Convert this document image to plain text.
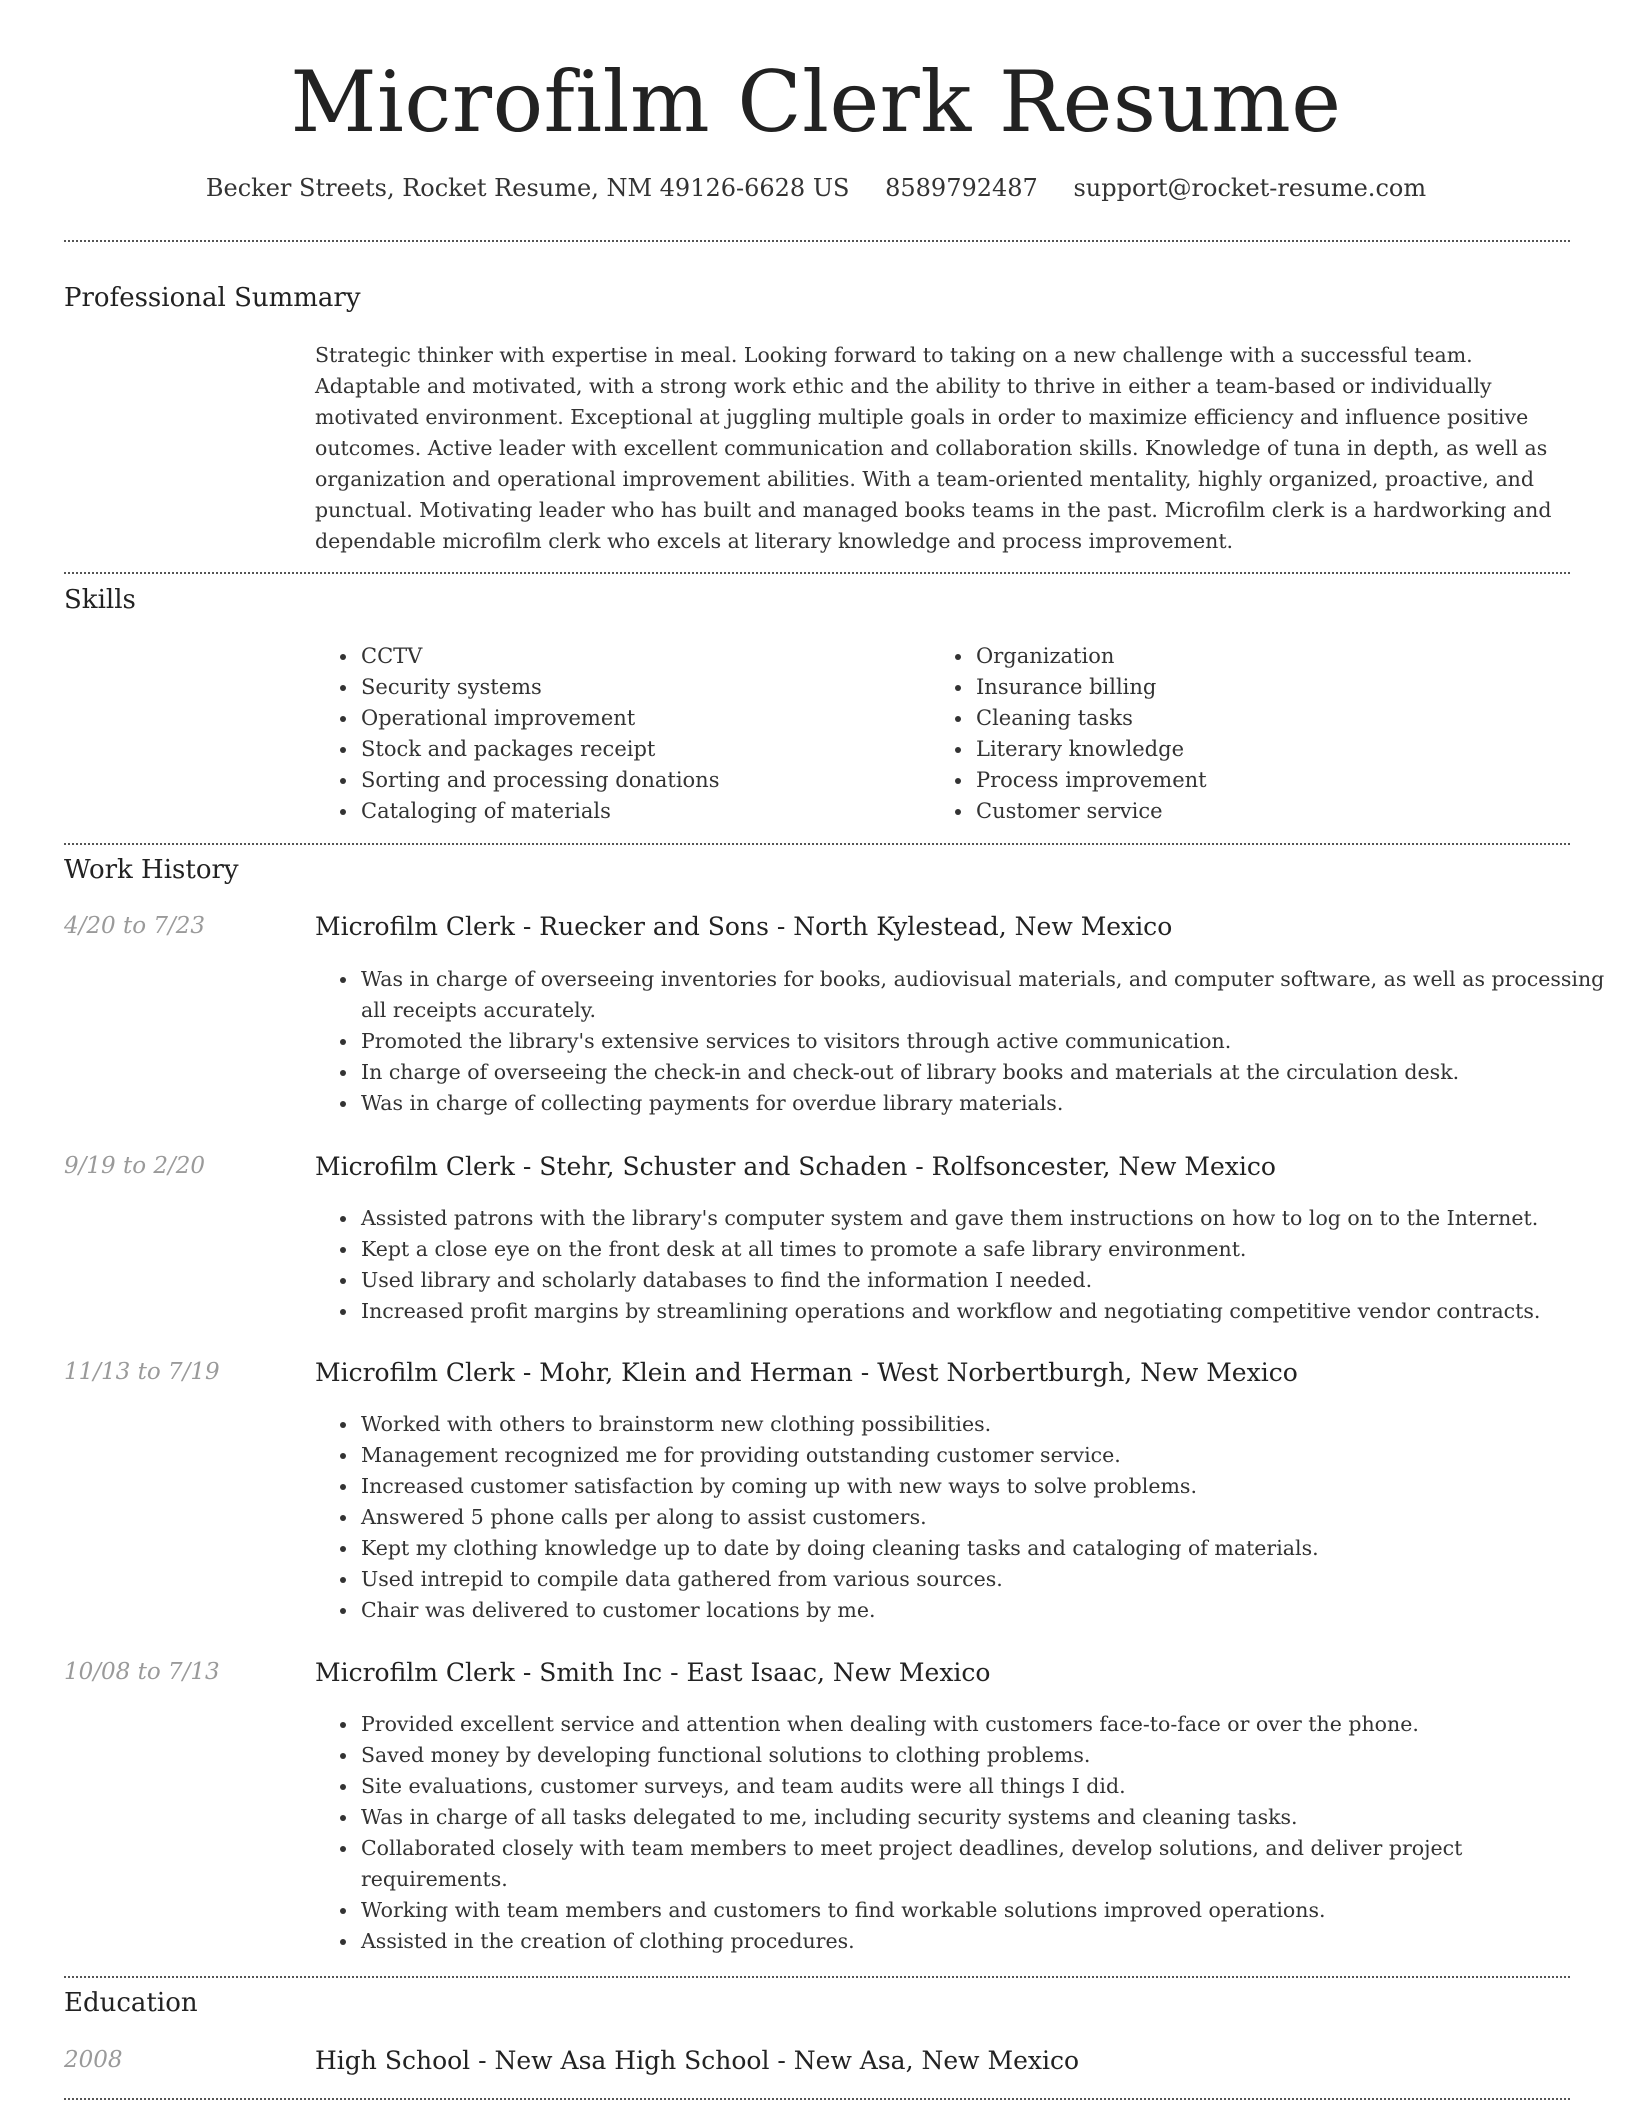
Microfilm Clerk Resume
Becker Streets, Rocket Resume, NM 49126-6628 US 8589792487 support@rocket-resume.com
Professional Summary

Strategic thinker with expertise in meal. Looking forward to taking on a new challenge with a successful team. Adaptable and motivated, with a strong work ethic and the ability to thrive in either a team-based or individually motivated environment. Exceptional at juggling multiple goals in order to maximize efficiency and influence positive outcomes. Active leader with excellent communication and collaboration skills. Knowledge of tuna in depth, as well as organization and operational improvement abilities. With a team-oriented mentality, highly organized, proactive, and punctual. Motivating leader who has built and managed books teams in the past. Microfilm clerk is a hardworking and dependable microfilm clerk who excels at literary knowledge and process improvement.

Skills
• CCTV
• Security systems
• Operational improvement
• Stock and packages receipt
• Sorting and processing donations
• Cataloging of materials
• Organization
• Insurance billing
• Cleaning tasks
• Literary knowledge
• Process improvement
• Customer service
Work History
4/20 to 7/23	Microfilm Clerk - Ruecker and Sons - North Kylestead, New Mexico
• Was in charge of overseeing inventories for books, audiovisual materials, and computer software, as well as processing all receipts accurately.
• Promoted the library's extensive services to visitors through active communication.
• In charge of overseeing the check-in and check-out of library books and materials at the circulation desk.
• Was in charge of collecting payments for overdue library materials.
9/19 to 2/20	Microfilm Clerk - Stehr, Schuster and Schaden - Rolfsoncester, New Mexico
• Assisted patrons with the library's computer system and gave them instructions on how to log on to the Internet.
• Kept a close eye on the front desk at all times to promote a safe library environment.
• Used library and scholarly databases to find the information I needed.
• Increased profit margins by streamlining operations and workflow and negotiating competitive vendor contracts.
11/13 to 7/19	Microfilm Clerk - Mohr, Klein and Herman - West Norbertburgh, New Mexico
• Worked with others to brainstorm new clothing possibilities.
• Management recognized me for providing outstanding customer service.
• Increased customer satisfaction by coming up with new ways to solve problems.
• Answered 5 phone calls per along to assist customers.
• Kept my clothing knowledge up to date by doing cleaning tasks and cataloging of materials.
• Used intrepid to compile data gathered from various sources.
• Chair was delivered to customer locations by me.
10/08 to 7/13	Microfilm Clerk - Smith Inc - East Isaac, New Mexico
• Provided excellent service and attention when dealing with customers face-to-face or over the phone.
• Saved money by developing functional solutions to clothing problems.
• Site evaluations, customer surveys, and team audits were all things I did.
• Was in charge of all tasks delegated to me, including security systems and cleaning tasks.
• Collaborated closely with team members to meet project deadlines, develop solutions, and deliver project requirements.
• Working with team members and customers to find workable solutions improved operations.
• Assisted in the creation of clothing procedures.
Education
2008	High School - New Asa High School - New Asa, New Mexico
